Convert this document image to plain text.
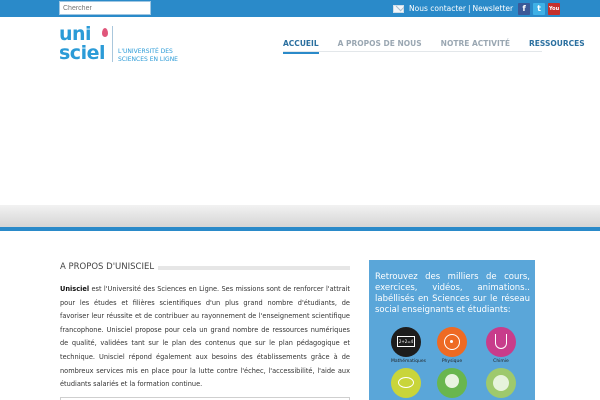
Chercher
Nous contacter | Newsletter	f	t	You
uni
sciel L'UNIVERSITÉ DES
SCIENCES EN LIGNE
ACCUEIL	A PROPOS DE NOUS	NOTRE ACTIVITÉ	RESSOURCES
A PROPOS D'UNISCIEL

Unisciel est l'Université des Sciences en Ligne. Ses missions sont de renforcer l'attrait pour les études et filières scientifiques d'un plus grand nombre d'étudiants, de favoriser leur réussite et de contribuer au rayonnement de l'enseignement scientifique francophone. Unisciel propose pour cela un grand nombre de ressources numériques de qualité, validées tant sur le plan des contenus que sur le plan pédagogique et technique. Unisciel répond également aux besoins des établissements grâce à de nombreux services mis en place pour la lutte contre l'échec, l'accessibilité, l'aide aux étudiants salariés et la formation continue.

Retrouvez des milliers de cours, exercices, vidéos, animations.. labéllisés en Sciences sur le réseau social enseignants et étudiants:
2+2=4
Mathématiques	Physique	Chimie
